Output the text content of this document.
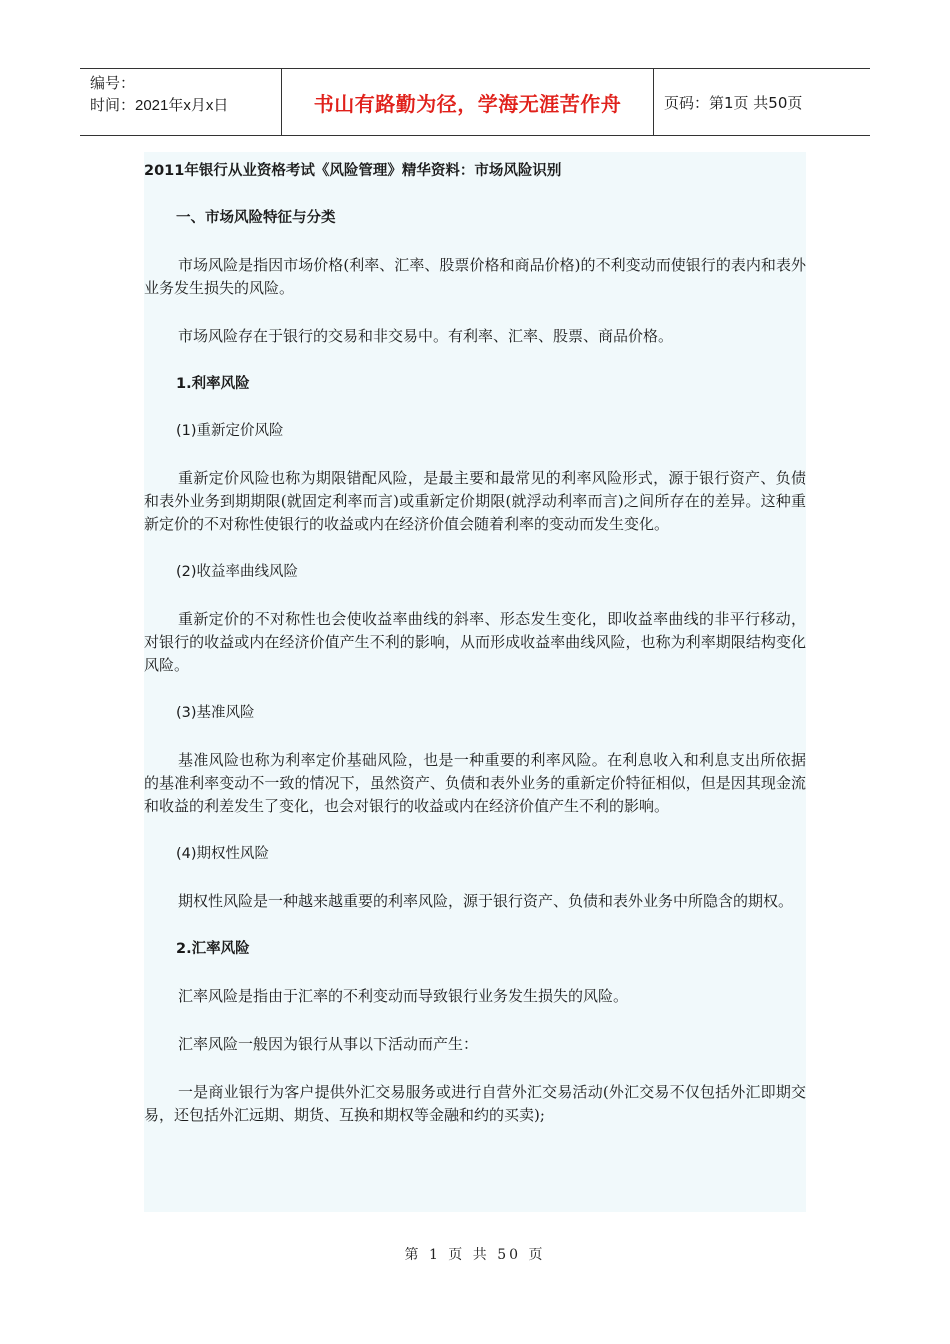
编号：
时间：2021年x月x日	书山有路勤为径，学海无涯苦作舟	页码：第1页 共50页

2011年银行从业资格考试《风险管理》精华资料：市场风险识别

一、市场风险特征与分类

市场风险是指因市场价格(利率、汇率、股票价格和商品价格)的不利变动而使银行的表内和表外业务发生损失的风险。

市场风险存在于银行的交易和非交易中。有利率、汇率、股票、商品价格。

1.利率风险

(1)重新定价风险

重新定价风险也称为期限错配风险，是最主要和最常见的利率风险形式，源于银行资产、负债和表外业务到期期限(就固定利率而言)或重新定价期限(就浮动利率而言)之间所存在的差异。这种重新定价的不对称性使银行的收益或内在经济价值会随着利率的变动而发生变化。

(2)收益率曲线风险

重新定价的不对称性也会使收益率曲线的斜率、形态发生变化，即收益率曲线的非平行移动，对银行的收益或内在经济价值产生不利的影响，从而形成收益率曲线风险，也称为利率期限结构变化风险。

(3)基准风险

基准风险也称为利率定价基础风险，也是一种重要的利率风险。在利息收入和利息支出所依据的基准利率变动不一致的情况下，虽然资产、负债和表外业务的重新定价特征相似，但是因其现金流和收益的利差发生了变化，也会对银行的收益或内在经济价值产生不利的影响。

(4)期权性风险

期权性风险是一种越来越重要的利率风险，源于银行资产、负债和表外业务中所隐含的期权。

2.汇率风险

汇率风险是指由于汇率的不利变动而导致银行业务发生损失的风险。

汇率风险一般因为银行从事以下活动而产生：

一是商业银行为客户提供外汇交易服务或进行自营外汇交易活动(外汇交易不仅包括外汇即期交易，还包括外汇远期、期货、互换和期权等金融和约的买卖);

第 1 页 共 50 页
